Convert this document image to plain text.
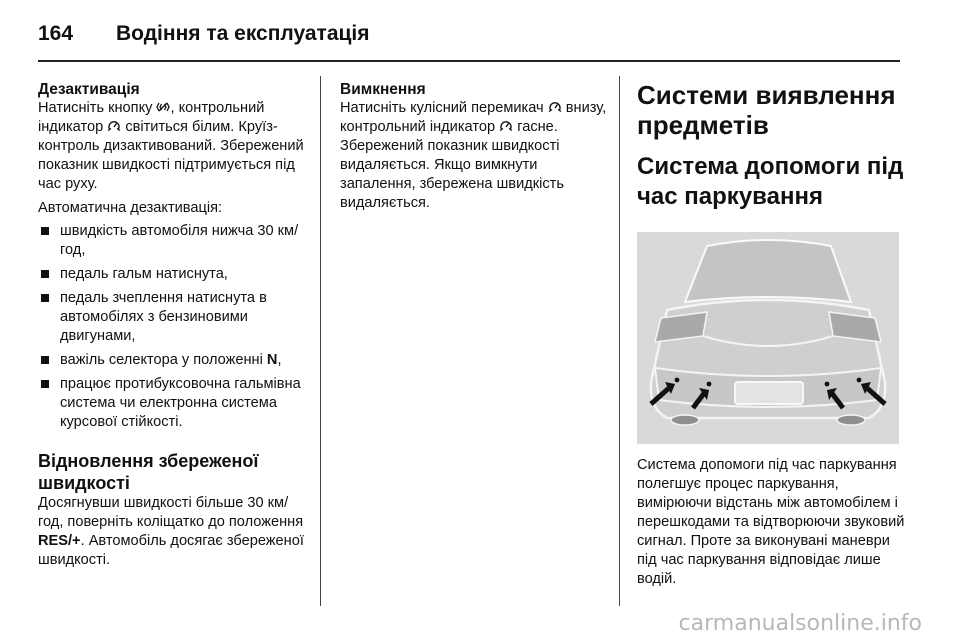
164 Водіння та експлуатація
Дезактивація

Натисніть кнопку
, контрольний індикатор
світиться білим. Круїз-контроль дизактивований. Збережений показник швидкості підтримується під час руху.

Автоматична дезактивація:

швидкість автомобіля нижча 30 км/год,
педаль гальм натиснута,
педаль зчеплення натиснута в автомобілях з бензиновими двигунами,
важіль селектора у положенні N,
працює протибуксовочна гальмівна система чи електронна система курсової стійкості.
Відновлення збереженої швидкості

Досягнувши швидкості більше 30 км/год, поверніть коліщатко до положення RES/+. Автомобіль досягає збереженої швидкості.

Вимкнення

Натисніть кулісний перемикач
внизу, контрольний індикатор
гасне. Збережений показник швидкості видаляється. Якщо вимкнути запалення, збережена швидкість видаляється.

Системи виявлення предметів
Система допомоги під час паркування

Система допомоги під час паркування полегшує процес паркування, вимірюючи відстань між автомобілем і перешкодами та відтворюючи звуковий сигнал. Проте за виконувані маневри під час паркування відповідає лише водій.

carmanualsonline.info
